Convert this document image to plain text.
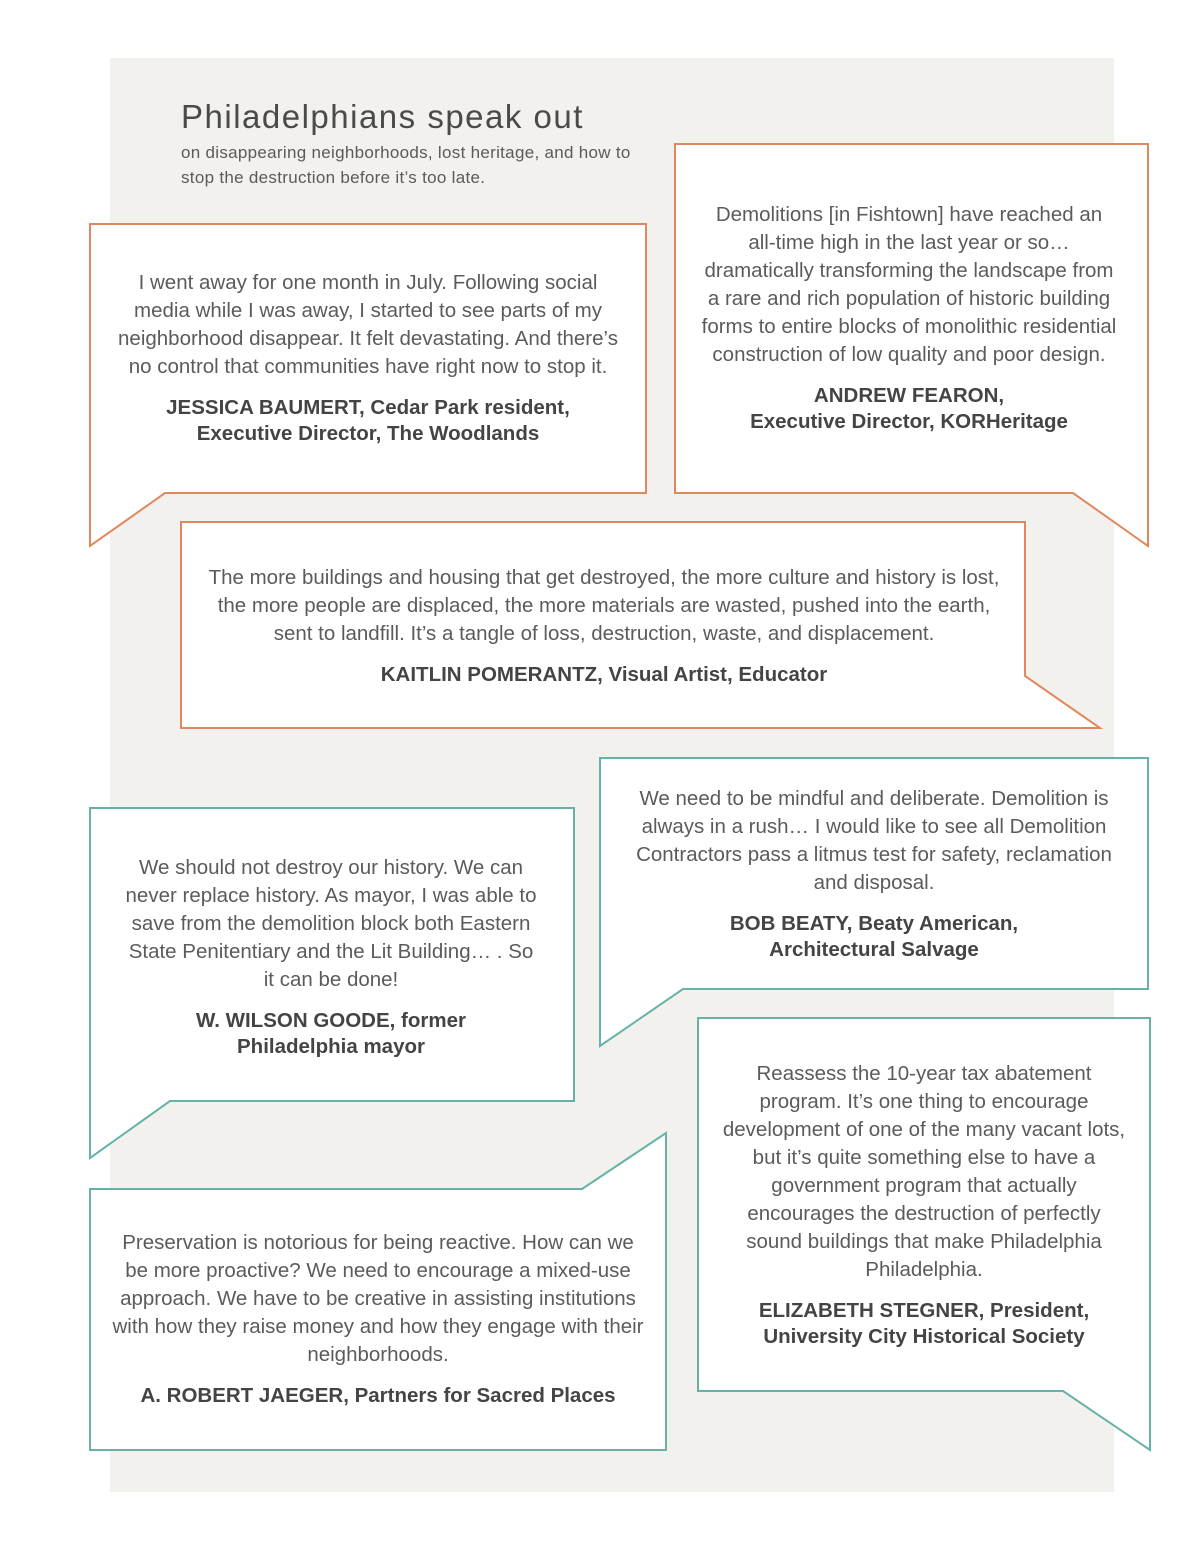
Philadelphians speak out

on disappearing neighborhoods, lost heritage, and how to stop the destruction before it’s too late.

I went away for one month in July. Following social media while I was away, I started to see parts of my neighborhood disappear. It felt devastating. And there’s no control that communities have right now to stop it.

JESSICA BAUMERT, Cedar Park resident,
Executive Director, The Woodlands

Demolitions [in Fishtown] have reached an all-time high in the last year or so… dramatically transforming the landscape from a rare and rich population of historic building forms to entire blocks of monolithic residential construction of low quality and poor design.

ANDREW FEARON,
Executive Director, KORHeritage

The more buildings and housing that get destroyed, the more culture and history is lost, the more people are displaced, the more materials are wasted, pushed into the earth, sent to landfill. It’s a tangle of loss, destruction, waste, and displacement.

KAITLIN POMERANTZ, Visual Artist, Educator

We need to be mindful and deliberate. Demolition is always in a rush… I would like to see all Demolition Contractors pass a litmus test for safety, reclamation and disposal.

BOB BEATY, Beaty American,
Architectural Salvage

We should not destroy our history. We can never replace history. As mayor, I was able to save from the demolition block both Eastern State Penitentiary and the Lit Building… . So it can be done!

W. WILSON GOODE, former
Philadelphia mayor

Reassess the 10-year tax abatement program. It’s one thing to encourage development of one of the many vacant lots, but it’s quite something else to have a government program that actually encourages the destruction of perfectly sound buildings that make Philadelphia Philadelphia.

ELIZABETH STEGNER, President,
University City Historical Society

Preservation is notorious for being reactive. How can we be more proactive? We need to encourage a mixed-use approach. We have to be creative in assisting institutions with how they raise money and how they engage with their neighborhoods.

A. ROBERT JAEGER, Partners for Sacred Places
